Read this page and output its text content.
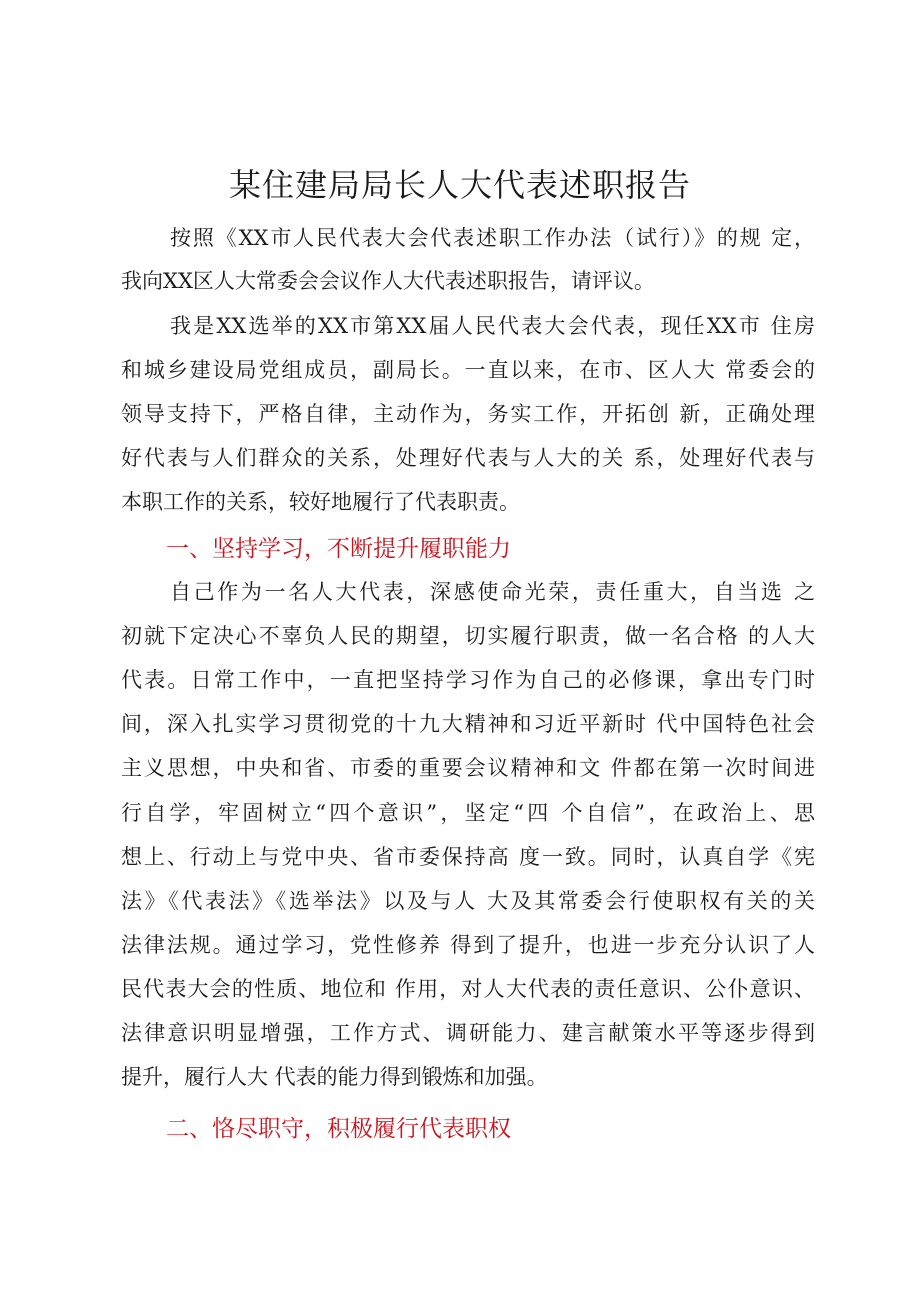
某住建局局长人大代表述职报告

按照《XX市人民代表大会代表述职工作办法（试行）》的规 定，

我向XX区人大常委会会议作人大代表述职报告，请评议。

我是XX选举的XX市第XX届人民代表大会代表，现任XX市 住房

和城乡建设局党组成员，副局长。一直以来，在市、区人大 常委会的

领导支持下，严格自律，主动作为，务实工作，开拓创 新，正确处理

好代表与人们群众的关系，处理好代表与人大的关 系，处理好代表与

本职工作的关系，较好地履行了代表职责。

一、坚持学习，不断提升履职能力

自己作为一名人大代表，深感使命光荣，责任重大，自当选 之

初就下定决心不辜负人民的期望，切实履行职责，做一名合格 的人大

代表。日常工作中，一直把坚持学习作为自己的必修课，拿出专门时

间，深入扎实学习贯彻党的十九大精神和习近平新时 代中国特色社会

主义思想，中央和省、市委的重要会议精神和文 件都在第一次时间进

行自学，牢固树立“四个意识”，坚定“四 个自信”，在政治上、思

想上、行动上与党中央、省市委保持高 度一致。同时，认真自学《宪

法》《代表法》《选举法》以及与人 大及其常委会行使职权有关的关

法律法规。通过学习，党性修养 得到了提升，也进一步充分认识了人

民代表大会的性质、地位和 作用，对人大代表的责任意识、公仆意识、

法律意识明显增强，工作方式、调研能力、建言献策水平等逐步得到

提升，履行人大 代表的能力得到锻炼和加强。

二、恪尽职守，积极履行代表职权
